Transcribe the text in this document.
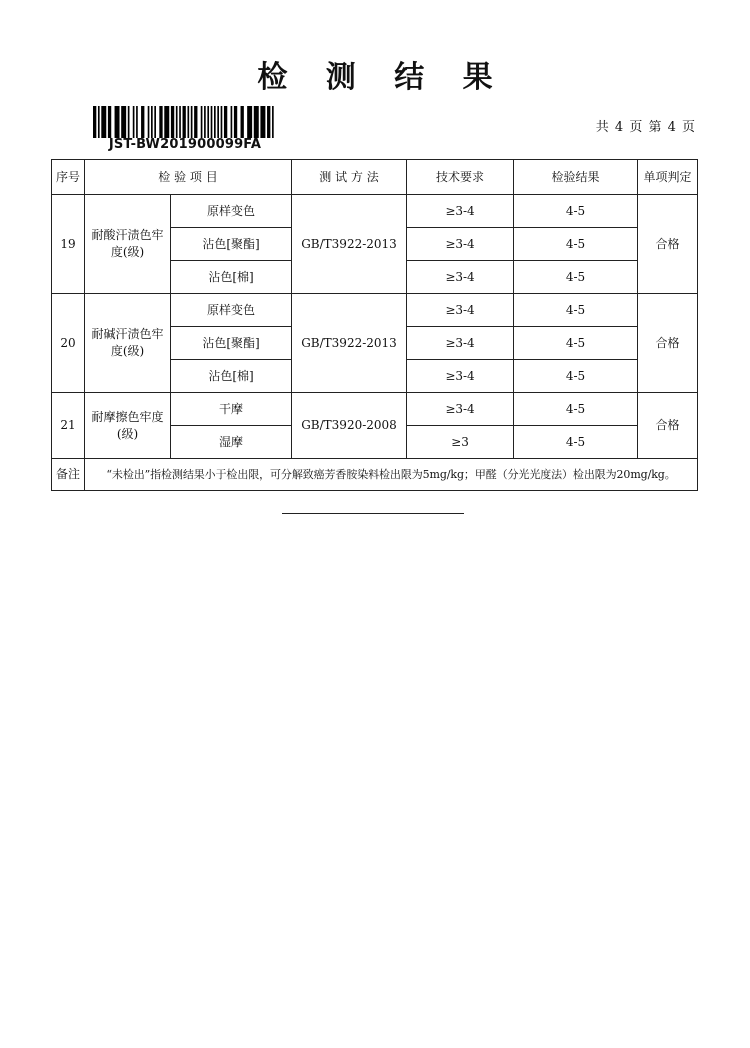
检 测 结 果
JST-BW201900099FA
共 4 页 第 4 页
序号	检 验 项 目		测 试 方 法	技术要求	检验结果	单项判定
19	耐酸汗渍色牢度(级)	原样变色	GB/T3922-2013	≥3-4	4-5	合格
		沾色[聚酯]		≥3-4	4-5	
		沾色[棉]		≥3-4	4-5	
20	耐碱汗渍色牢度(级)	原样变色	GB/T3922-2013	≥3-4	4-5	合格
		沾色[聚酯]		≥3-4	4-5	
		沾色[棉]		≥3-4	4-5	
21	耐摩擦色牢度(级)	干摩	GB/T3920-2008	≥3-4	4-5	合格
		湿摩		≥3	4-5	
备注	“未检出”指检测结果小于检出限，可分解致癌芳香胺染料检出限为5mg/kg；甲醛（分光光度法）检出限为20mg/kg。					
